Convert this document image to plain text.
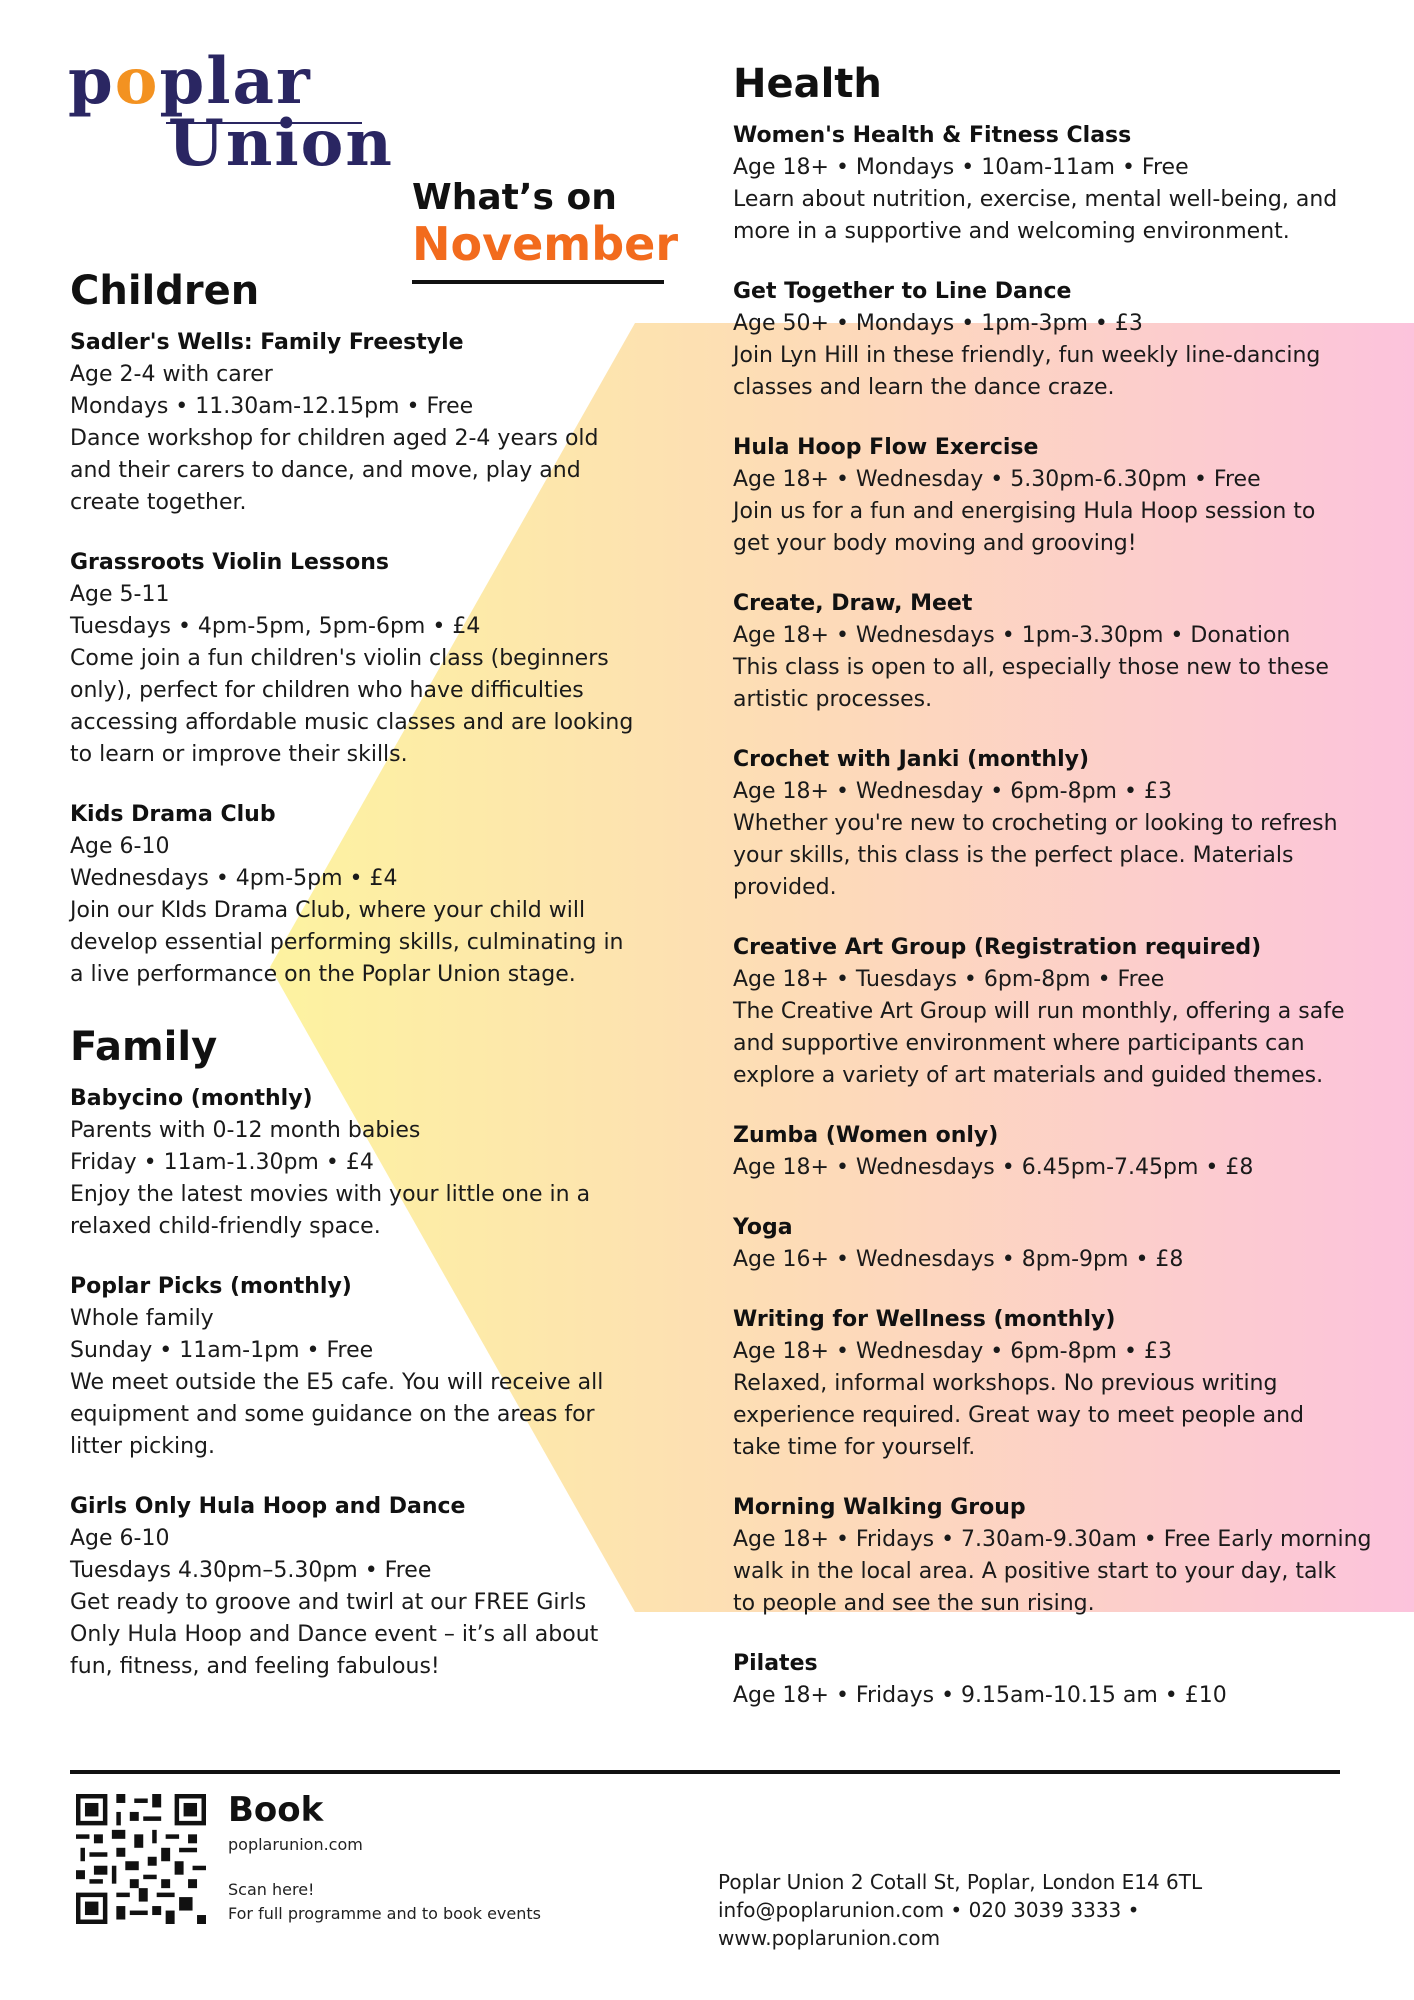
poplar
Union
What’s on
November
Children
Sadler's Wells: Family Freestyle
Age 2-4 with carer
Mondays • 11.30am-12.15pm • Free
Dance workshop for children aged 2-4 years old
and their carers to dance, and move, play and
create together.
Grassroots Violin Lessons
Age 5-11
Tuesdays • 4pm-5pm, 5pm-6pm • £4
Come join a fun children's violin class (beginners
only), perfect for children who have difficulties
accessing affordable music classes and are looking
to learn or improve their skills.
Kids Drama Club
Age 6-10
Wednesdays • 4pm-5pm • £4
Join our KIds Drama Club, where your child will
develop essential performing skills, culminating in
a live performance on the Poplar Union stage.
Family
Babycino (monthly)
Parents with 0-12 month babies
Friday • 11am-1.30pm • £4
Enjoy the latest movies with your little one in a
relaxed child-friendly space.
Poplar Picks (monthly)
Whole family
Sunday • 11am-1pm • Free
We meet outside the E5 cafe. You will receive all
equipment and some guidance on the areas for
litter picking.
Girls Only Hula Hoop and Dance
Age 6-10
Tuesdays 4.30pm–5.30pm • Free
Get ready to groove and twirl at our FREE Girls
Only Hula Hoop and Dance event – it’s all about
fun, fitness, and feeling fabulous!
Health
Women's Health & Fitness Class
Age 18+ • Mondays • 10am-11am • Free
Learn about nutrition, exercise, mental well-being, and
more in a supportive and welcoming environment.
Get Together to Line Dance
Age 50+ • Mondays • 1pm-3pm • £3
Join Lyn Hill in these friendly, fun weekly line-dancing
classes and learn the dance craze.
Hula Hoop Flow Exercise
Age 18+ • Wednesday • 5.30pm-6.30pm • Free
Join us for a fun and energising Hula Hoop session to
get your body moving and grooving!
Create, Draw, Meet
Age 18+ • Wednesdays • 1pm-3.30pm • Donation
This class is open to all, especially those new to these
artistic processes.
Crochet with Janki (monthly)
Age 18+ • Wednesday • 6pm-8pm • £3
Whether you're new to crocheting or looking to refresh
your skills, this class is the perfect place. Materials
provided.
Creative Art Group (Registration required)
Age 18+ • Tuesdays • 6pm-8pm • Free
The Creative Art Group will run monthly, offering a safe
and supportive environment where participants can
explore a variety of art materials and guided themes.
Zumba (Women only)
Age 18+ • Wednesdays • 6.45pm-7.45pm • £8
Yoga
Age 16+ • Wednesdays • 8pm-9pm • £8
Writing for Wellness (monthly)
Age 18+ • Wednesday • 6pm-8pm • £3
Relaxed, informal workshops. No previous writing
experience required. Great way to meet people and
take time for yourself.
Morning Walking Group
Age 18+ • Fridays • 7.30am-9.30am • Free Early morning
walk in the local area. A positive start to your day, talk
to people and see the sun rising.
Pilates
Age 18+ • Fridays • 9.15am-10.15 am • £10
Book
poplarunion.com
Scan here!
For full programme and to book events
Poplar Union 2 Cotall St, Poplar, London E14 6TL
info@poplarunion.com • 020 3039 3333 • www.poplarunion.com
